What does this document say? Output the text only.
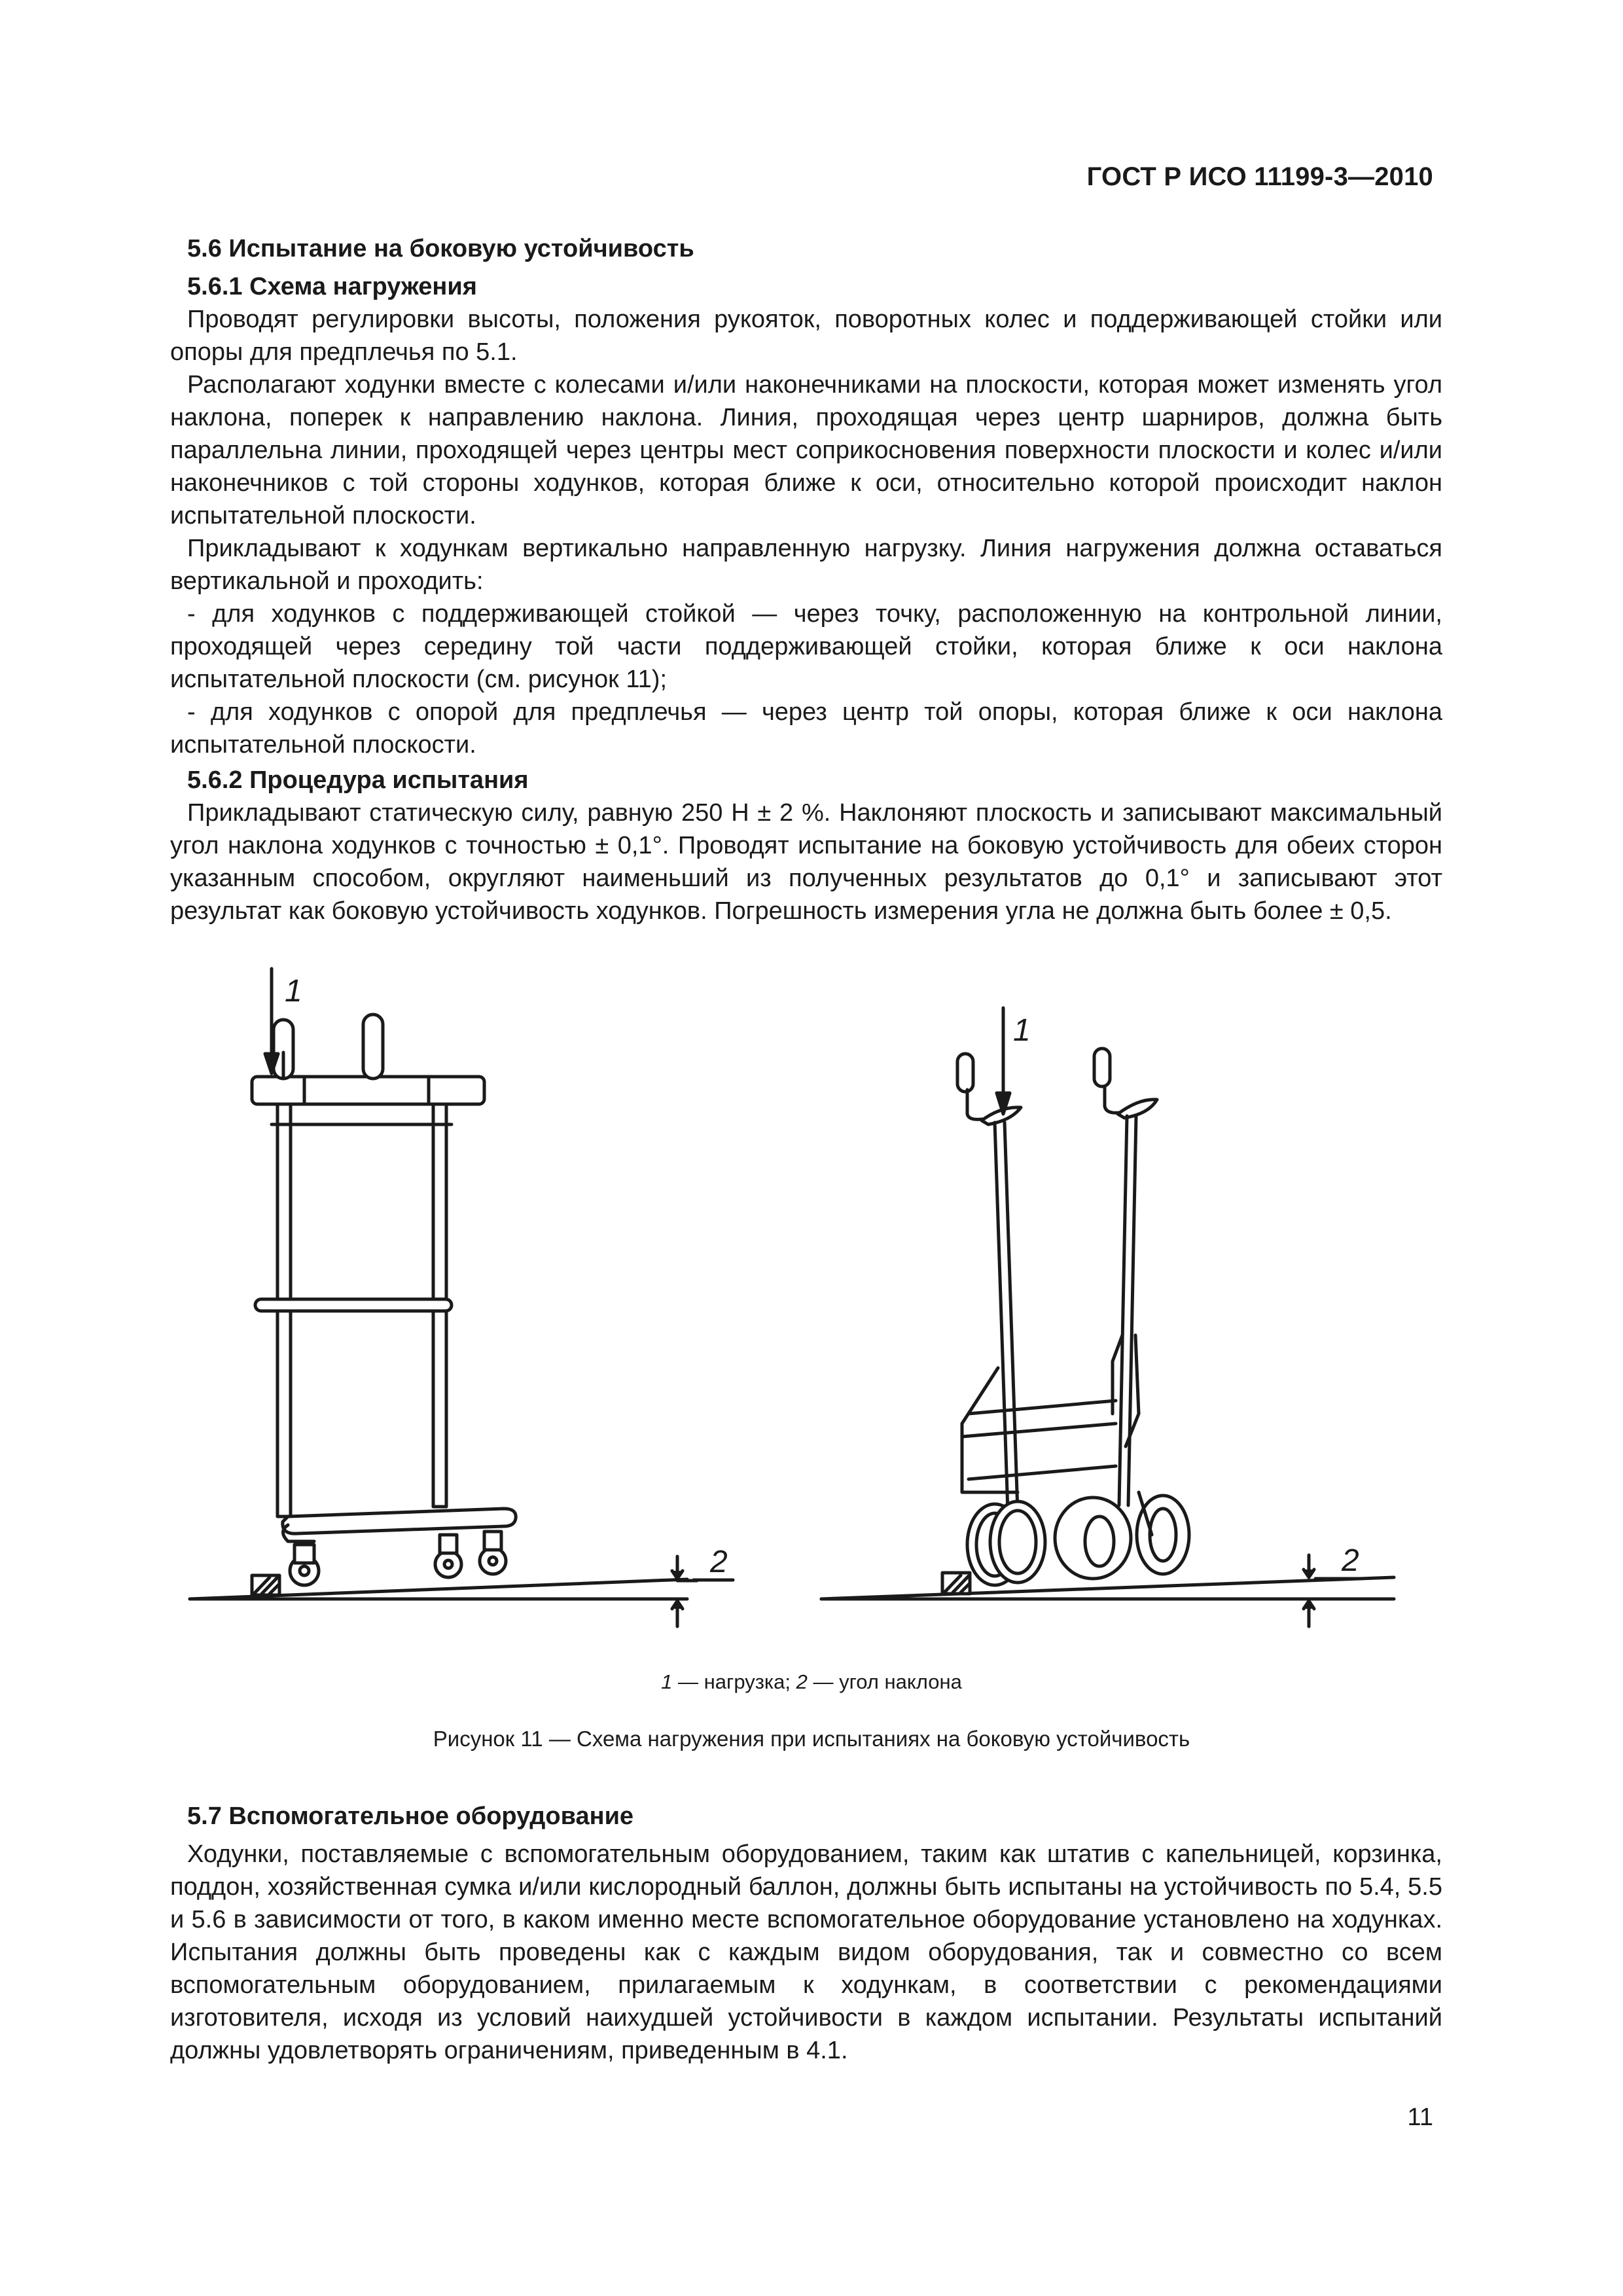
ГОСТ Р ИСО 11199-3—2010
5.6 Испытание на боковую устойчивость
5.6.1 Схема нагружения

Проводят регулировки высоты, положения рукояток, поворотных колес и поддерживающей стойки или опоры для предплечья по 5.1.

Располагают ходунки вместе с колесами и/или наконечниками на плоскости, которая может изменять угол наклона, поперек к направлению наклона. Линия, проходящая через центр шарниров, должна быть параллельна линии, проходящей через центры мест соприкосновения поверхности плоскости и колес и/или наконечников с той стороны ходунков, которая ближе к оси, относительно которой происходит наклон испытательной плоскости.

Прикладывают к ходункам вертикально направленную нагрузку. Линия нагружения должна оставаться вертикальной и проходить:

- для ходунков с поддерживающей стойкой — через точку, расположенную на контрольной линии, проходящей через середину той части поддерживающей стойки, которая ближе к оси наклона испытательной плоскости (см. рисунок 11);

- для ходунков с опорой для предплечья — через центр той опоры, которая ближе к оси наклона испытательной плоскости.

5.6.2 Процедура испытания

Прикладывают статическую силу, равную 250 Н ± 2 %. Наклоняют плоскость и записывают максимальный угол наклона ходунков с точностью ± 0,1°. Проводят испытание на боковую устойчивость для обеих сторон указанным способом, округляют наименьший из полученных результатов до 0,1° и записывают этот результат как боковую устойчивость ходунков. Погрешность измерения угла не должна быть более ± 0,5.

1
1
2	2
1 — нагрузка; 2 — угол наклона
Рисунок 11 — Схема нагружения при испытаниях на боковую устойчивость
5.7 Вспомогательное оборудование

Ходунки, поставляемые с вспомогательным оборудованием, таким как штатив с капельницей, корзинка, поддон, хозяйственная сумка и/или кислородный баллон, должны быть испытаны на устойчивость по 5.4, 5.5 и 5.6 в зависимости от того, в каком именно месте вспомогательное оборудование установлено на ходунках. Испытания должны быть проведены как с каждым видом оборудования, так и совместно со всем вспомогательным оборудованием, прилагаемым к ходункам, в соответствии с рекомендациями изготовителя, исходя из условий наихудшей устойчивости в каждом испытании. Результаты испытаний должны удовлетворять ограничениям, приведенным в 4.1.

11
